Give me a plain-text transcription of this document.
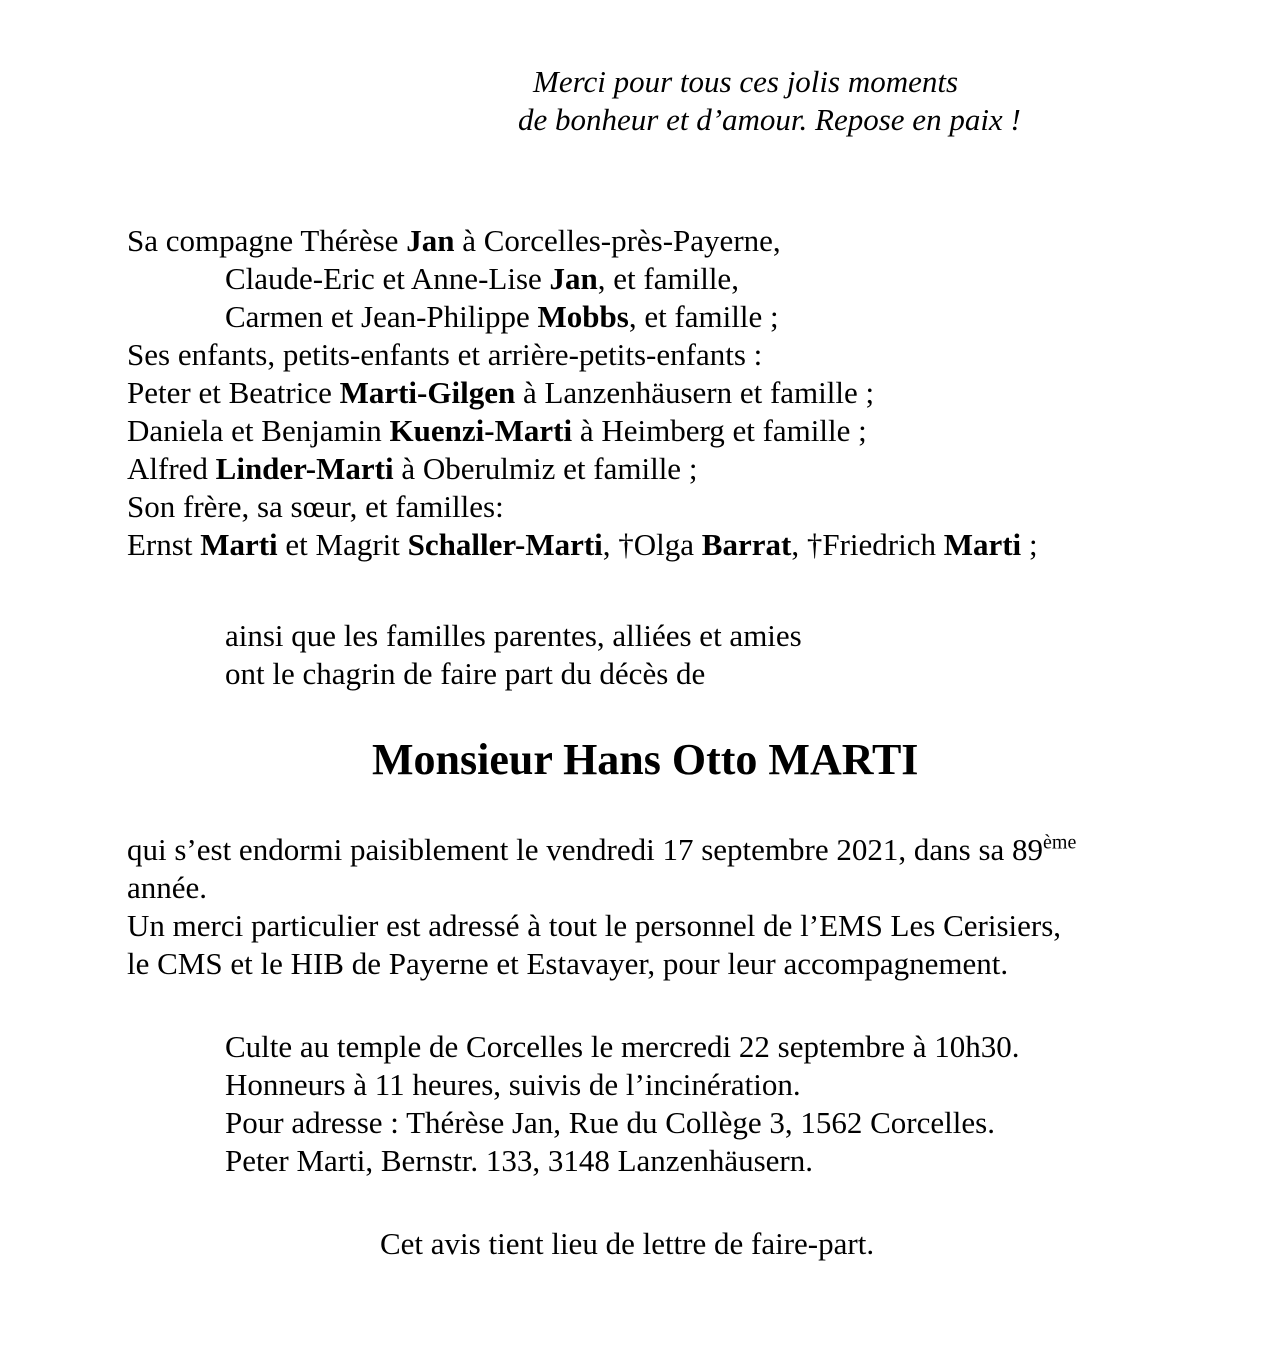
Merci pour tous ces jolis moments
de bonheur et d’amour. Repose en paix !
Sa compagne Thérèse Jan à Corcelles-près-Payerne,
Claude-Eric et Anne-Lise Jan, et famille,
Carmen et Jean-Philippe Mobbs, et famille ;
Ses enfants, petits-enfants et arrière-petits-enfants :
Peter et Beatrice Marti-Gilgen à Lanzenhäusern et famille ;
Daniela et Benjamin Kuenzi-Marti à Heimberg et famille ;
Alfred Linder-Marti à Oberulmiz et famille ;
Son frère, sa sœur, et familles:
Ernst Marti et Magrit Schaller-Marti, †Olga Barrat, †Friedrich Marti ;
ainsi que les familles parentes, alliées et amies
ont le chagrin de faire part du décès de
Monsieur Hans Otto MARTI
qui s’est endormi paisiblement le vendredi 17 septembre 2021, dans sa 89ème
année.
Un merci particulier est adressé à tout le personnel de l’EMS Les Cerisiers,
le CMS et le HIB de Payerne et Estavayer, pour leur accompagnement.
Culte au temple de Corcelles le mercredi 22 septembre à 10h30.
Honneurs à 11 heures, suivis de l’incinération.
Pour adresse : Thérèse Jan, Rue du Collège 3, 1562 Corcelles.
Peter Marti, Bernstr. 133, 3148 Lanzenhäusern.
Cet avis tient lieu de lettre de faire-part.
